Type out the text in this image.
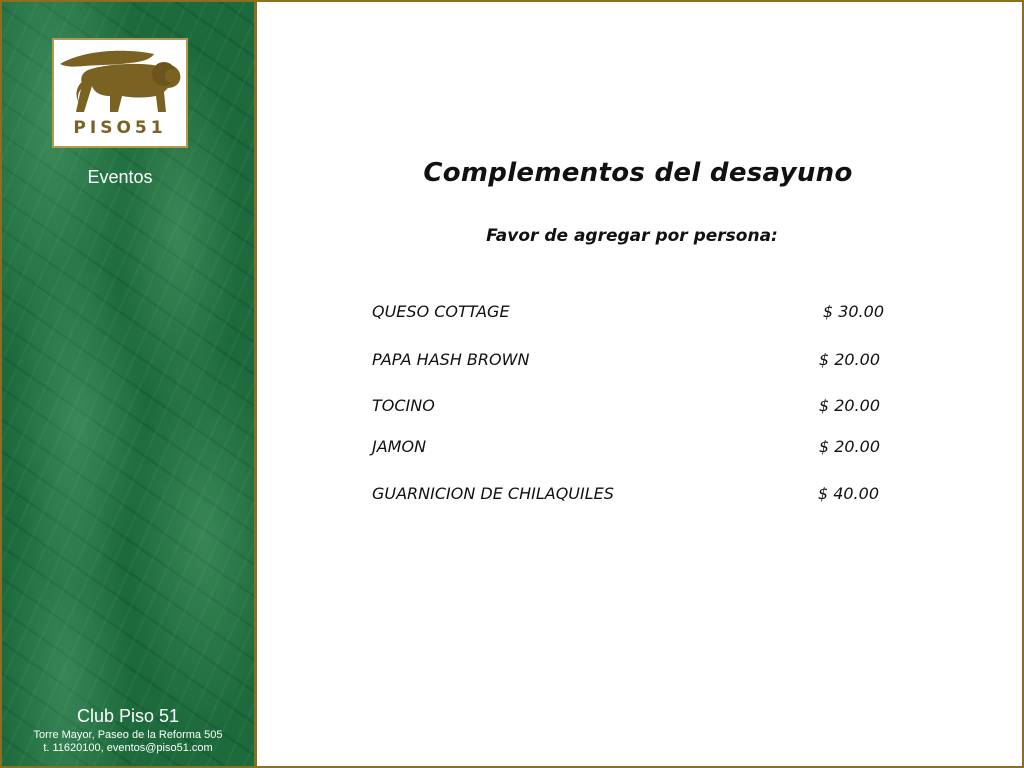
PISO51
Eventos
Club Piso 51
Torre Mayor, Paseo de la Reforma 505
t. 11620100, eventos@piso51.com
Complementos del desayuno
Favor de agregar por persona:
QUESO COTTAGE	$ 30.00
PAPA HASH BROWN	$ 20.00
TOCINO	$ 20.00
JAMON	$ 20.00
GUARNICION DE CHILAQUILES	$ 40.00
